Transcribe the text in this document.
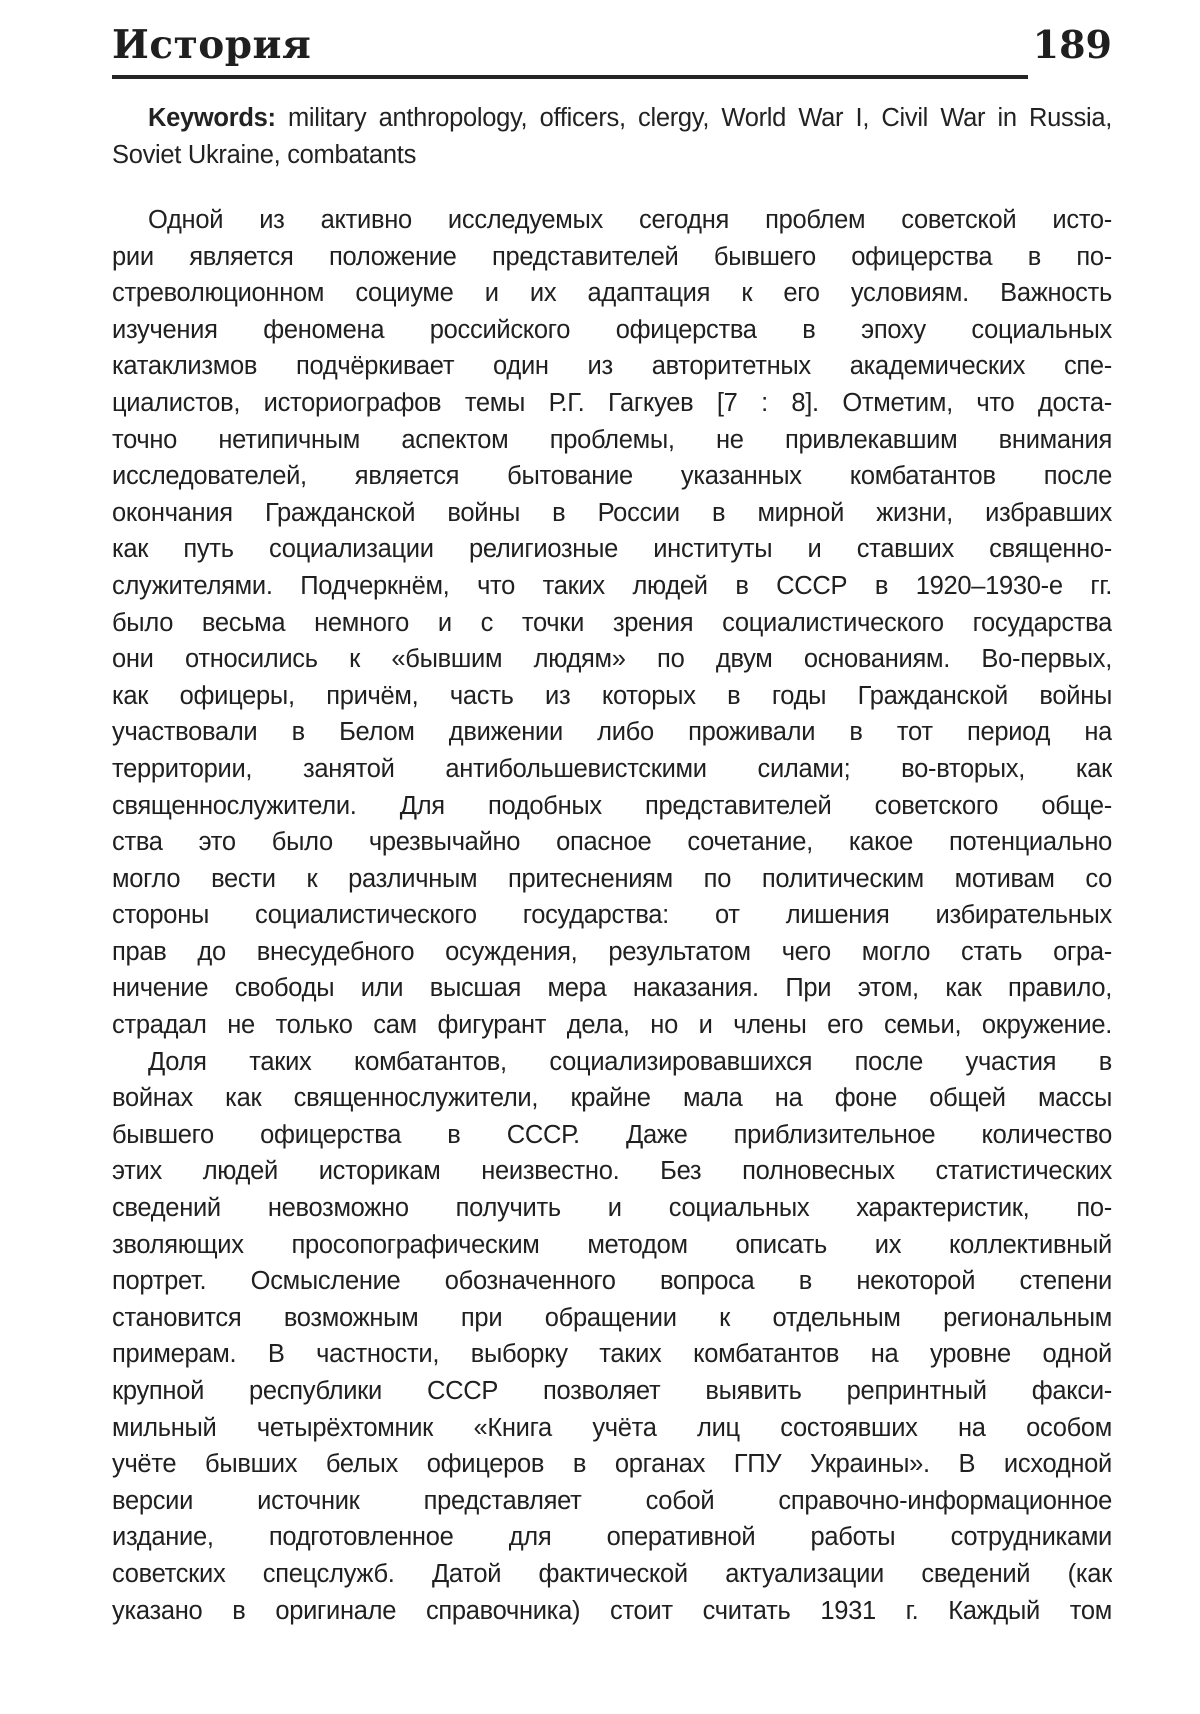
История	189
Keywords: military anthropology, officers, clergy, World War I, Civil War in Russia,
Soviet Ukraine, combatants
Одной из активно исследуемых сегодня проблем советской исто-
рии является положение представителей бывшего офицерства в по-
стреволюционном социуме и их адаптация к его условиям. Важность
изучения феномена российского офицерства в эпоху социальных
катаклизмов подчёркивает один из авторитетных академических спе-
циалистов, историографов темы Р.Г. Гагкуев [7 : 8]. Отметим, что доста-
точно нетипичным аспектом проблемы, не привлекавшим внимания
исследователей, является бытование указанных комбатантов после
окончания Гражданской войны в России в мирной жизни, избравших
как путь социализации религиозные институты и ставших священно-
служителями. Подчеркнём, что таких людей в СССР в 1920–1930-е гг.
было весьма немного и с точки зрения социалистического государства
они относились к «бывшим людям» по двум основаниям. Во-первых,
как офицеры, причём, часть из которых в годы Гражданской войны
участвовали в Белом движении либо проживали в тот период на
территории, занятой антибольшевистскими силами; во-вторых, как
священнослужители. Для подобных представителей советского обще-
ства это было чрезвычайно опасное сочетание, какое потенциально
могло вести к различным притеснениям по политическим мотивам со
стороны социалистического государства: от лишения избирательных
прав до внесудебного осуждения, результатом чего могло стать огра-
ничение свободы или высшая мера наказания. При этом, как правило,
страдал не только сам фигурант дела, но и члены его семьи, окружение.
Доля таких комбатантов, социализировавшихся после участия в
войнах как священнослужители, крайне мала на фоне общей массы
бывшего офицерства в СССР. Даже приблизительное количество
этих людей историкам неизвестно. Без полновесных статистических
сведений невозможно получить и социальных характеристик, по-
зволяющих просопографическим методом описать их коллективный
портрет. Осмысление обозначенного вопроса в некоторой степени
становится возможным при обращении к отдельным региональным
примерам. В частности, выборку таких комбатантов на уровне одной
крупной республики СССР позволяет выявить репринтный факси-
мильный четырёхтомник «Книга учёта лиц состоявших на особом
учёте бывших белых офицеров в органах ГПУ Украины». В исходной
версии источник представляет собой справочно-информационное
издание, подготовленное для оперативной работы сотрудниками
советских спецслужб. Датой фактической актуализации сведений (как
указано в оригинале справочника) стоит считать 1931 г. Каждый том
